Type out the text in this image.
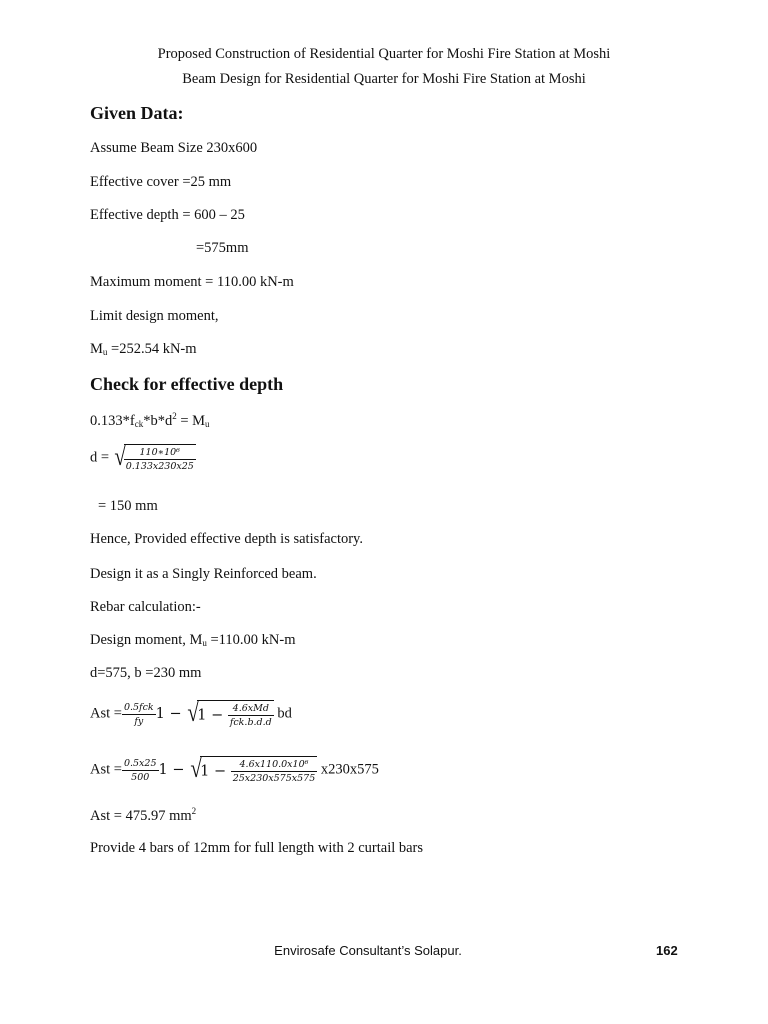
Proposed Construction of Residential Quarter for Moshi Fire Station at Moshi
Beam Design for Residential Quarter for Moshi Fire Station at Moshi
Given Data:
Assume Beam Size 230x600
Effective cover =25 mm
Effective depth = 600 – 25
=575mm
Maximum moment = 110.00 kN-m
Limit design moment,
$M_u =252.54$ kN-m
Check for effective depth
$0.133*f_{ck}*b*d^2 = M_u$
d = √
$\frac{\text{110∗10⁶}}{0.133x230x25}$
= 150 mm
Hence, Provided effective depth is satisfactory.
Design it as a Singly Reinforced beam.
Rebar calculation:-
Design moment, $M_u =110.00$ kN-m
d=575, b =230 mm
Ast = $\frac{\text{0.5fck}}{fy} 1$ − √
$1 - \frac{\text{4.6xMd}}{\text{fck.b.d.d}}$ bd
Ast = $\frac{0.5x25}{500} 1$ − √
$1 - \frac{\text{4.6x110.0x10⁶}}{25x230x575x575} x230x575$
Ast = 475.97 $mm^2$
Provide 4 bars of 12mm for full length with 2 curtail bars
Envirosafe Consultant’s Solapur.	162
